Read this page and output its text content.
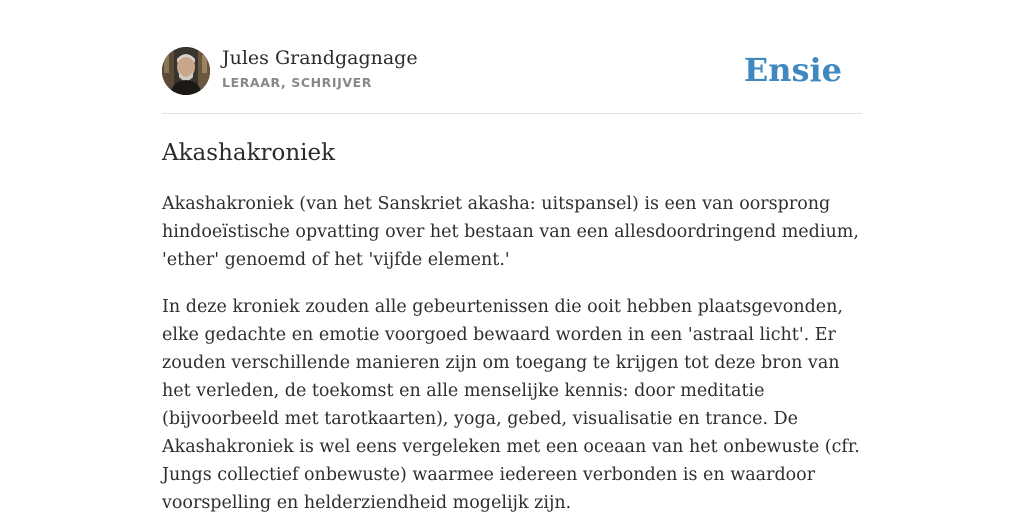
Jules Grandgagnage
LERAAR, SCHRIJVER	Ensie
Akashakroniek

Akashakroniek (van het Sanskriet akasha: uitspansel) is een van oorsprong hindoeïstische opvatting over het bestaan van een allesdoordringend medium, 'ether' genoemd of het 'vijfde element.'

In deze kroniek zouden alle gebeurtenissen die ooit hebben plaatsgevonden, elke gedachte en emotie voorgoed bewaard worden in een 'astraal licht'. Er zouden verschillende manieren zijn om toegang te krijgen tot deze bron van het verleden, de toekomst en alle menselijke kennis: door meditatie (bijvoorbeeld met tarotkaarten), yoga, gebed, visualisatie en trance. De Akashakroniek is wel eens vergeleken met een oceaan van het onbewuste (cfr. Jungs collectief onbewuste) waarmee iedereen verbonden is en waardoor voorspelling en helderziendheid mogelijk zijn.
